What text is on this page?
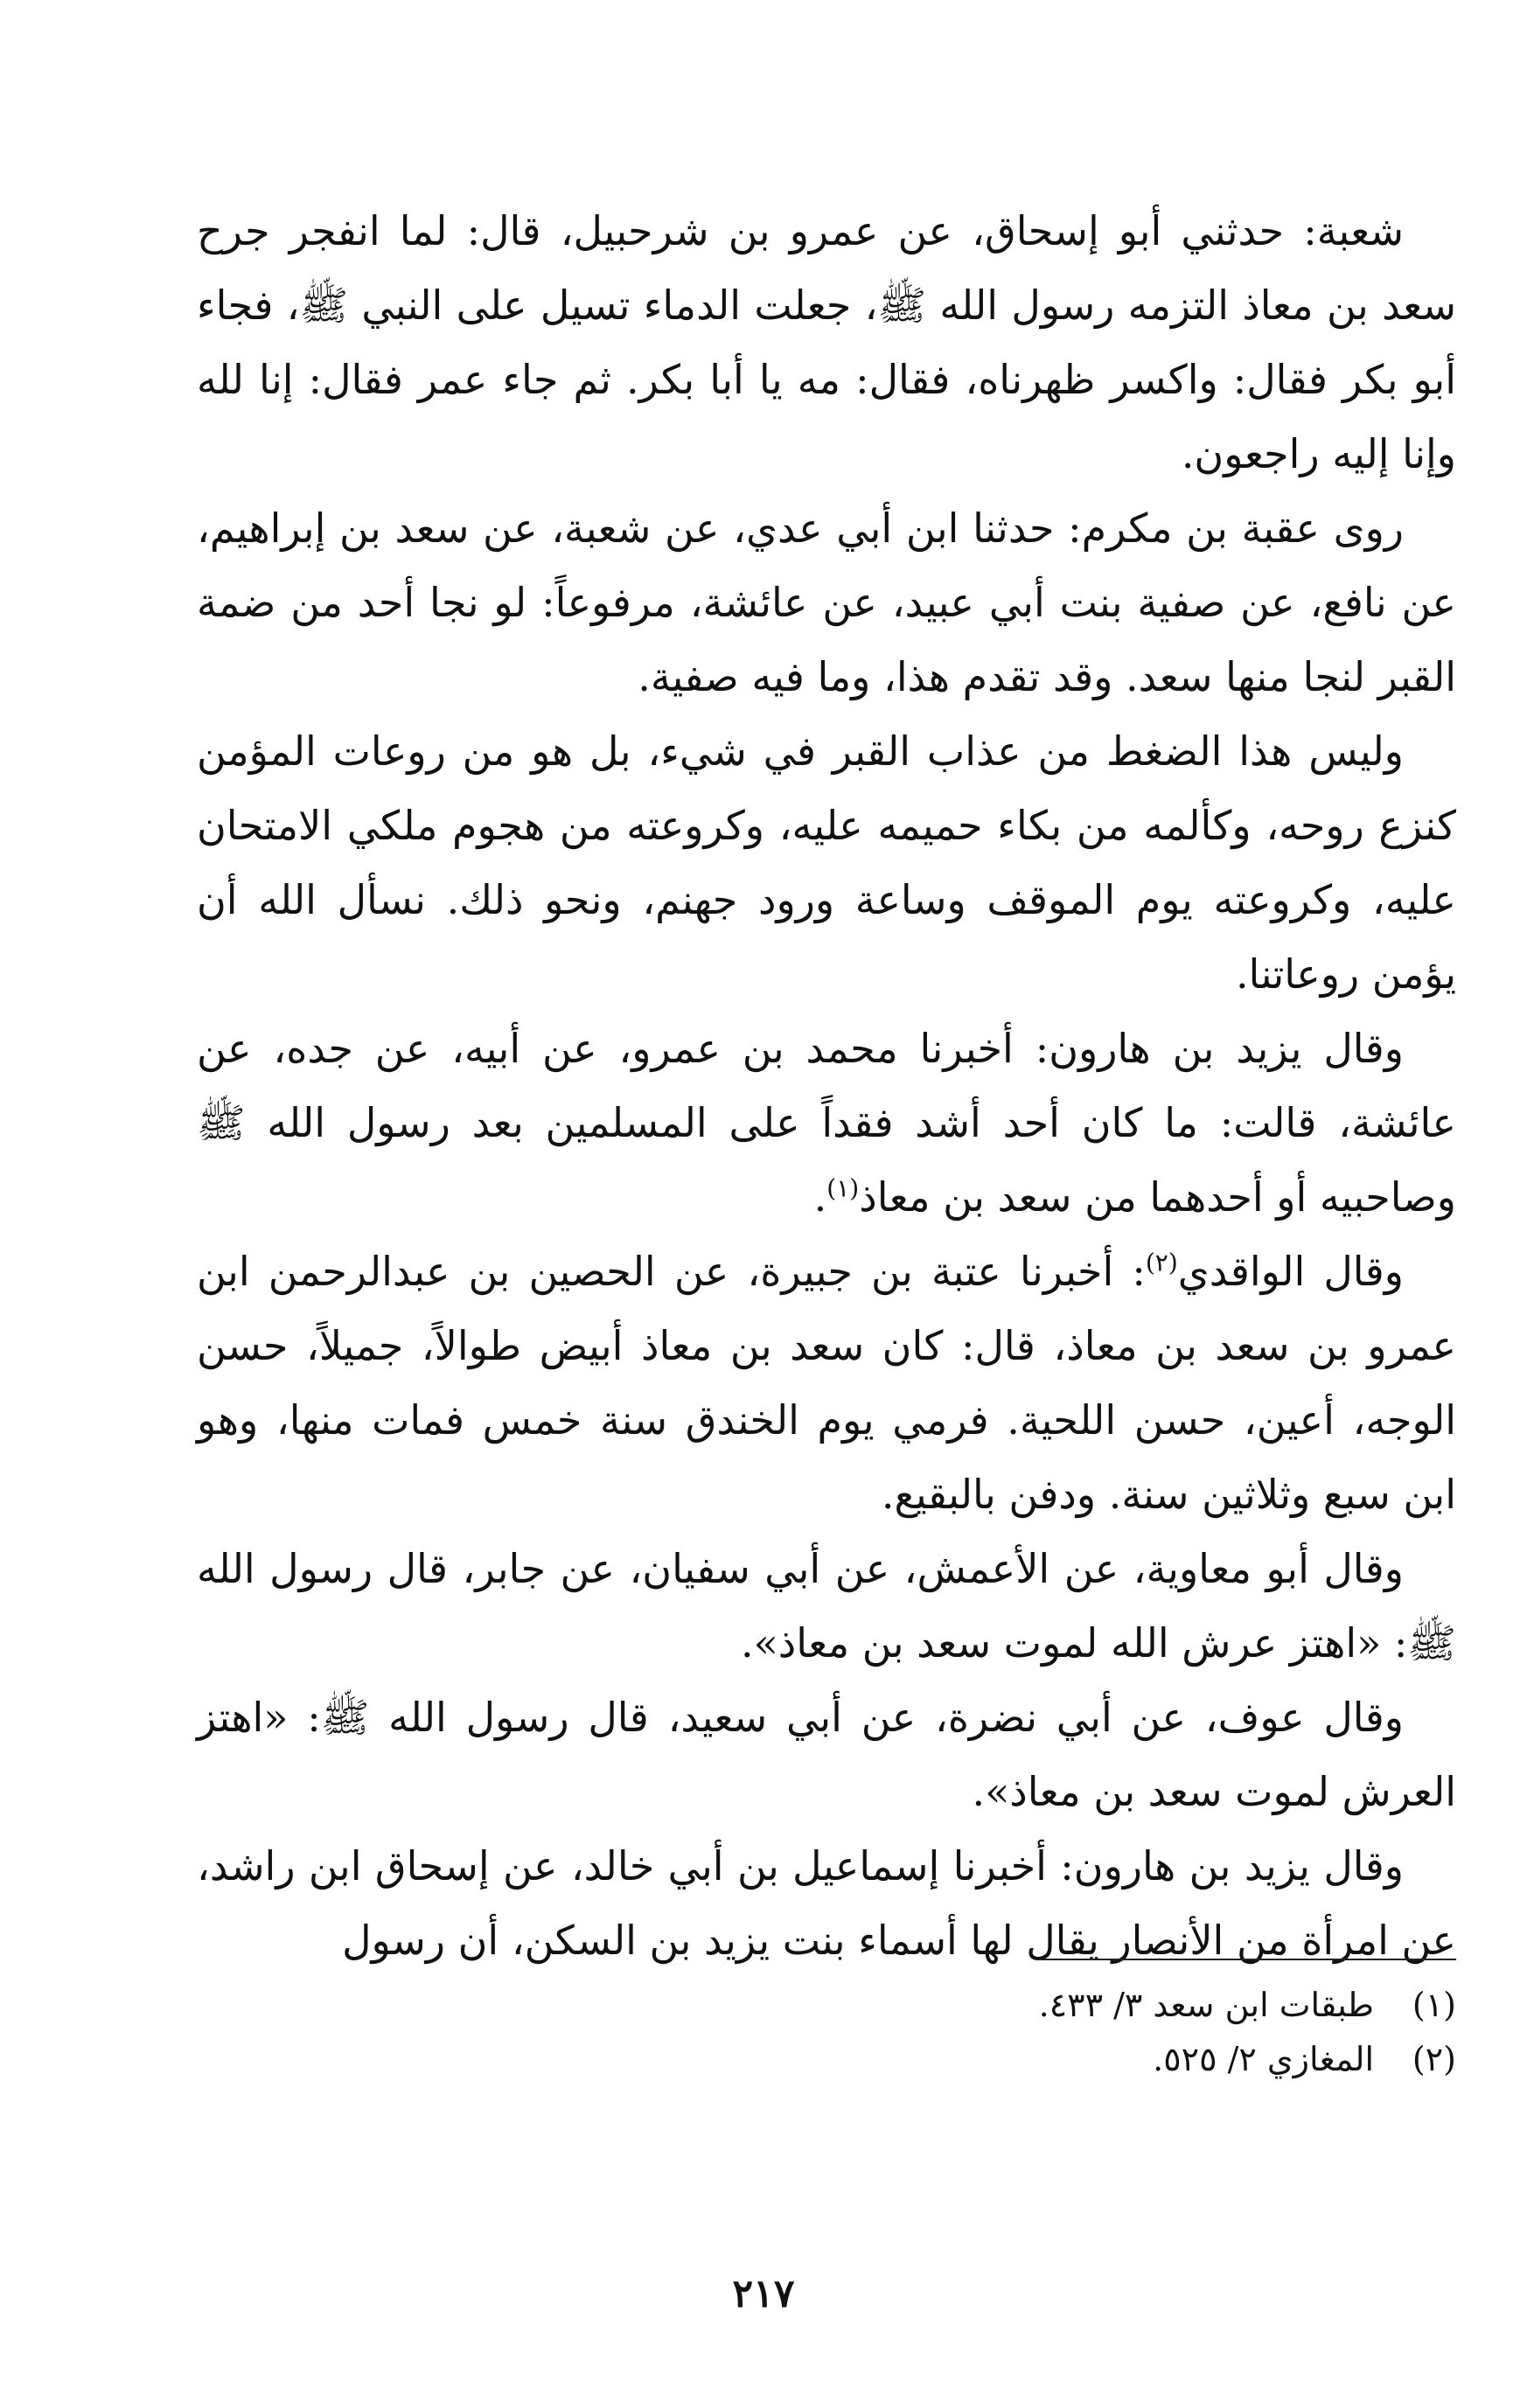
شعبة: حدثني أبو إسحاق، عن عمرو بن شرحبيل، قال: لما انفجر جرح سعد بن معاذ التزمه رسول الله ﷺ، جعلت الدماء تسيل على النبي ﷺ، فجاء أبو بكر فقال: واكسر ظهرناه، فقال: مه يا أبا بكر. ثم جاء عمر فقال: إنا لله وإنا إليه راجعون.

روى عقبة بن مكرم: حدثنا ابن أبي عدي، عن شعبة، عن سعد بن إبراهيم، عن نافع، عن صفية بنت أبي عبيد، عن عائشة، مرفوعاً: لو نجا أحد من ضمة القبر لنجا منها سعد. وقد تقدم هذا، وما فيه صفية.

وليس هذا الضغط من عذاب القبر في شيء، بل هو من روعات المؤمن كنزع روحه، وكألمه من بكاء حميمه عليه، وكروعته من هجوم ملكي الامتحان عليه، وكروعته يوم الموقف وساعة ورود جهنم، ونحو ذلك. نسأل الله أن يؤمن روعاتنا.

وقال يزيد بن هارون: أخبرنا محمد بن عمرو، عن أبيه، عن جده، عن عائشة، قالت: ما كان أحد أشد فقداً على المسلمين بعد رسول الله ﷺ وصاحبيه أو أحدهما من سعد بن معاذ$^{(١)}$.

وقال الواقدي$^{(٢)}$: أخبرنا عتبة بن جبيرة، عن الحصين بن عبدالرحمن ابن عمرو بن سعد بن معاذ، قال: كان سعد بن معاذ أبيض طوالاً، جميلاً، حسن الوجه، أعين، حسن اللحية. فرمي يوم الخندق سنة خمس فمات منها، وهو ابن سبع وثلاثين سنة. ودفن بالبقيع.

وقال أبو معاوية، عن الأعمش، عن أبي سفيان، عن جابر، قال رسول الله ﷺ: «اهتز عرش الله لموت سعد بن معاذ».

وقال عوف، عن أبي نضرة، عن أبي سعيد، قال رسول الله ﷺ: «اهتز العرش لموت سعد بن معاذ».

وقال يزيد بن هارون: أخبرنا إسماعيل بن أبي خالد، عن إسحاق ابن راشد، عن امرأة من الأنصار يقال لها أسماء بنت يزيد بن السكن، أن رسول

(١)
طبقات ابن سعد ٣/ ٤٣٣.
(٢)
المغازي ٢/ ٥٢٥.
٢١٧
